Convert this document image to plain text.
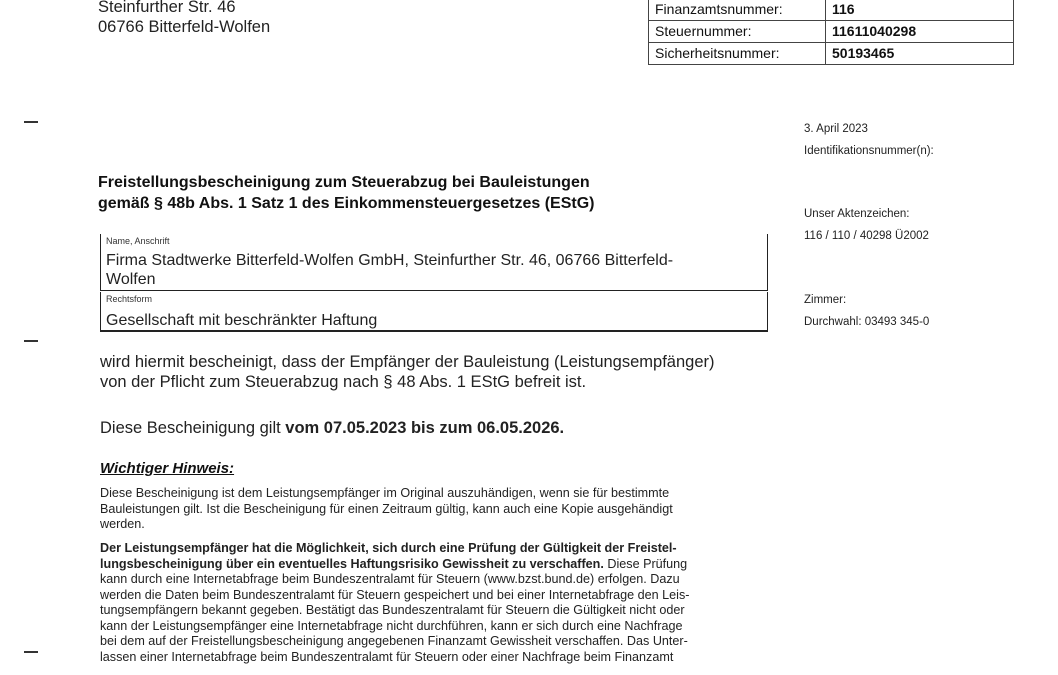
Steinfurther Str. 46
06766 Bitterfeld-Wolfen
Finanzamtsnummer:	116
Steuernummer:	11611040298
Sicherheitsnummer:	50193465
3. April 2023
Identifikationsnummer(n):
Unser Aktenzeichen:
116 / 110 / 40298 Ü2002
Zimmer:
Durchwahl: 03493 345-0
Freistellungsbescheinigung zum Steuerabzug bei Bauleistungen
gemäß § 48b Abs. 1 Satz 1 des Einkommensteuergesetzes (EStG)
Name, Anschrift
Firma Stadtwerke Bitterfeld-Wolfen GmbH, Steinfurther Str. 46, 06766 Bitterfeld-
Wolfen
Rechtsform
Gesellschaft mit beschränkter Haftung
wird hiermit bescheinigt, dass der Empfänger der Bauleistung (Leistungsempfänger)
von der Pflicht zum Steuerabzug nach § 48 Abs. 1 EStG befreit ist.
Diese Bescheinigung gilt vom 07.05.2023 bis zum 06.05.2026.
Wichtiger Hinweis:
Diese Bescheinigung ist dem Leistungsempfänger im Original auszuhändigen, wenn sie für bestimmte
Bauleistungen gilt. Ist die Bescheinigung für einen Zeitraum gültig, kann auch eine Kopie ausgehändigt
werden.
Der Leistungsempfänger hat die Möglichkeit, sich durch eine Prüfung der Gültigkeit der Freistel-
lungsbescheinigung über ein eventuelles Haftungsrisiko Gewissheit zu verschaffen. Diese Prüfung
kann durch eine Internetabfrage beim Bundeszentralamt für Steuern (www.bzst.bund.de) erfolgen. Dazu
werden die Daten beim Bundeszentralamt für Steuern gespeichert und bei einer Internetabfrage den Leis-
tungsempfängern bekannt gegeben. Bestätigt das Bundeszentralamt für Steuern die Gültigkeit nicht oder
kann der Leistungsempfänger eine Internetabfrage nicht durchführen, kann er sich durch eine Nachfrage
bei dem auf der Freistellungsbescheinigung angegebenen Finanzamt Gewissheit verschaffen. Das Unter-
lassen einer Internetabfrage beim Bundeszentralamt für Steuern oder einer Nachfrage beim Finanzamt
